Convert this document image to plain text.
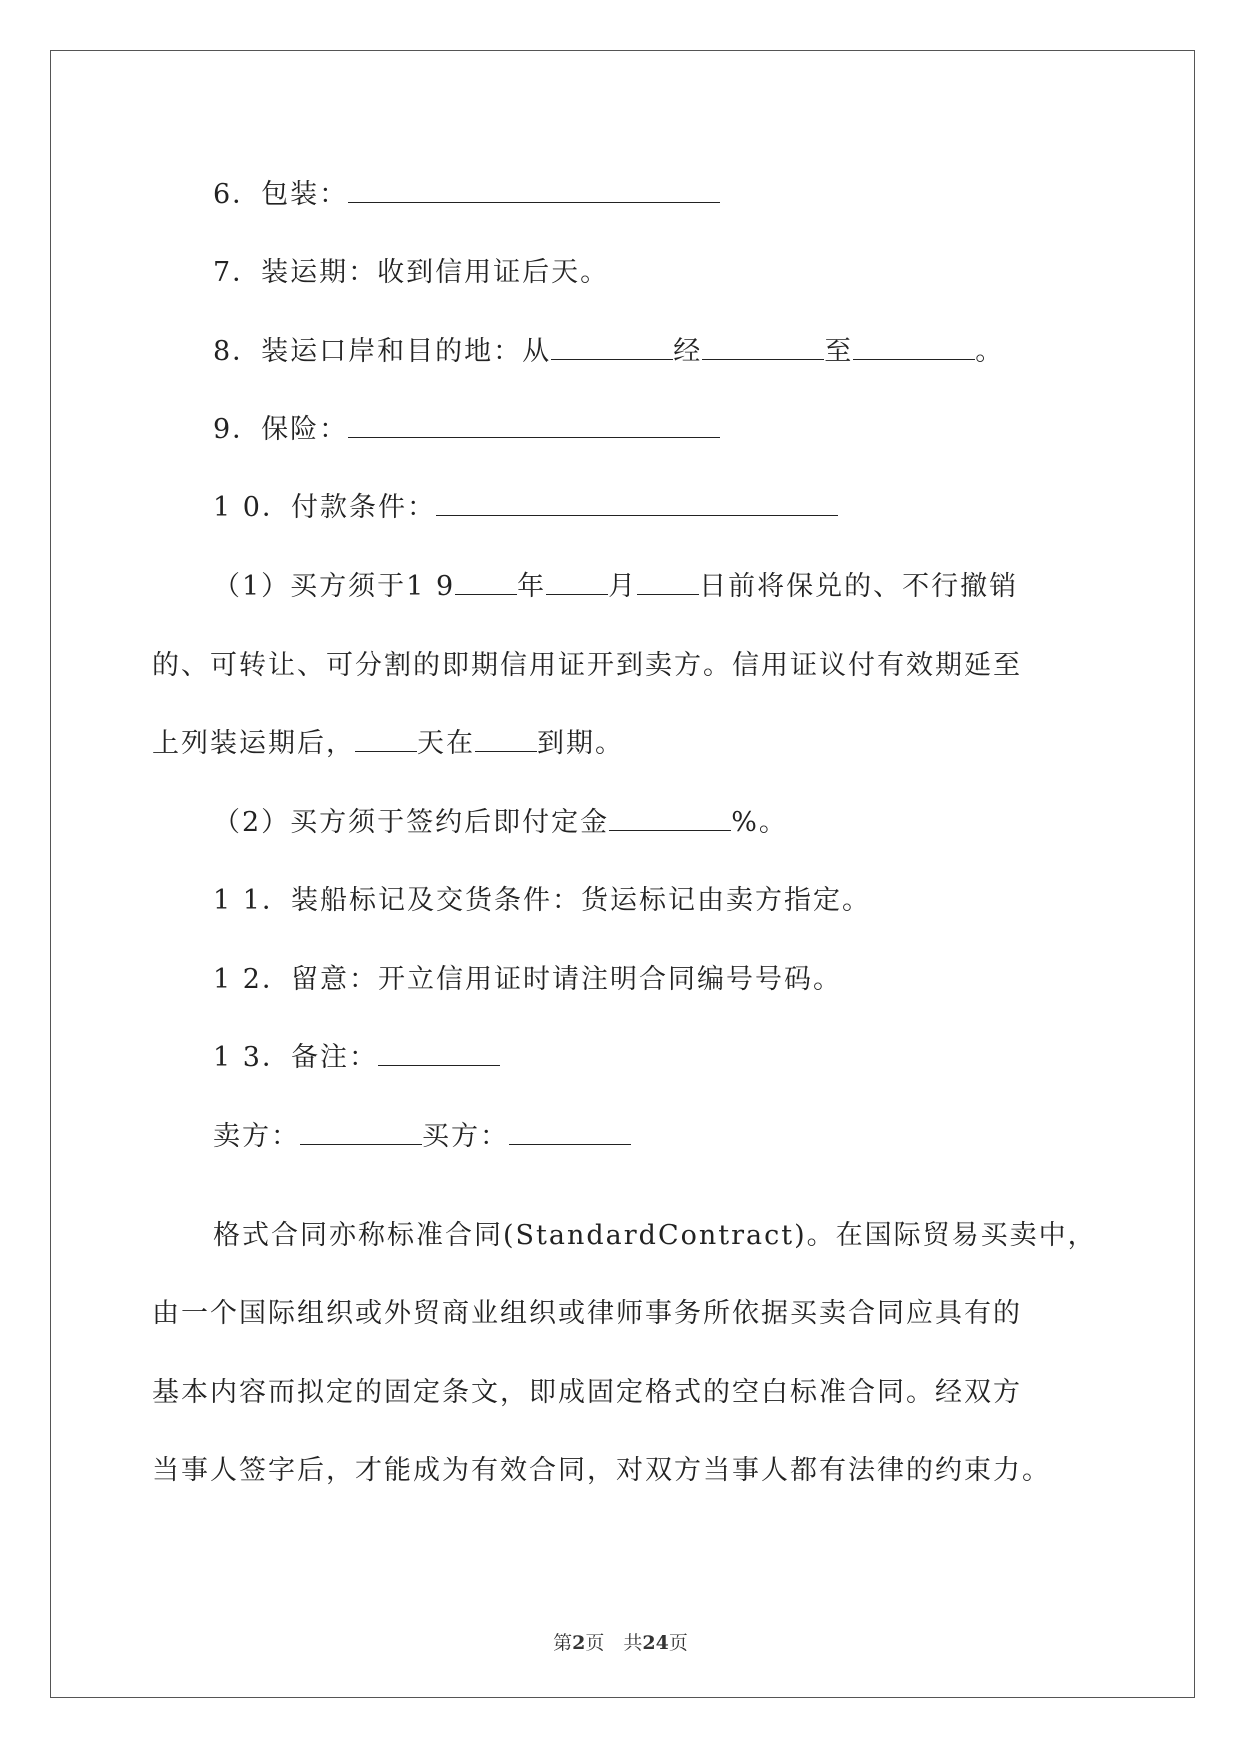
6．包装：
7．装运期：收到信用证后天。
8．装运口岸和目的地：从	经	至	。
9．保险：
1 0．付款条件：
（1）买方须于1 9 年 月 日前将保兑的、不行撤销
的、可转让、可分割的即期信用证开到卖方。信用证议付有效期延至
上列装运期后， 天在 到期。
（2）买方须于签约后即付定金	%。
1 1．装船标记及交货条件：货运标记由卖方指定。
1 2．留意：开立信用证时请注明合同编号号码。
1 3．备注：
卖方：	买方：
格式合同亦称标准合同(StandardContract)。在国际贸易买卖中，
由一个国际组织或外贸商业组织或律师事务所依据买卖合同应具有的
基本内容而拟定的固定条文，即成固定格式的空白标准合同。经双方
当事人签字后，才能成为有效合同，对双方当事人都有法律的约束力。
第2页　共24页
